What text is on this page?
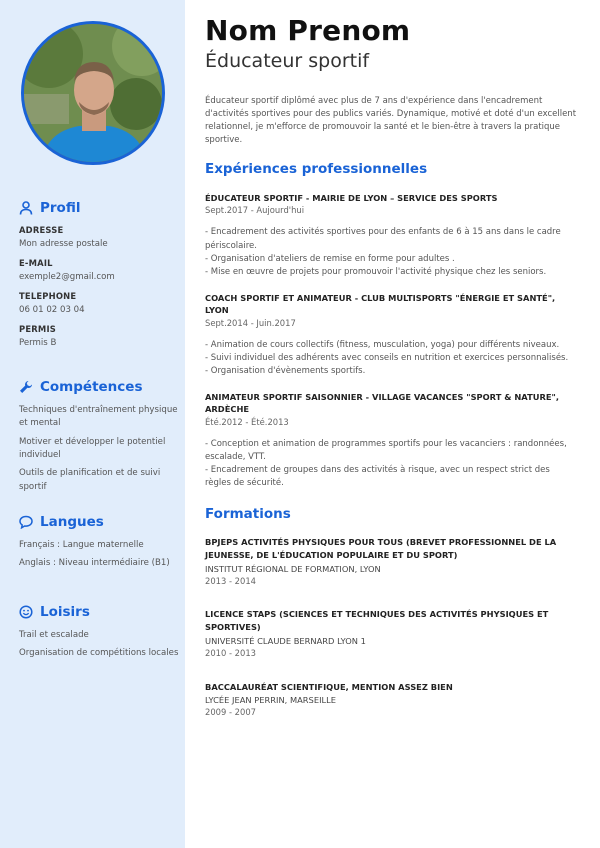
Profil
ADRESSE
Mon adresse postale
E-MAIL
exemple2@gmail.com
TELEPHONE
06 01 02 03 04
PERMIS
Permis B
Compétences
Techniques d'entraînement physique et mental
Motiver et développer le potentiel individuel
Outils de planification et de suivi sportif
Langues
Français : Langue maternelle
Anglais : Niveau intermédiaire (B1)
Loisirs
Trail et escalade
Organisation de compétitions locales
Nom Prenom
Éducateur sportif
Éducateur sportif diplômé avec plus de 7 ans d'expérience dans l'encadrement d'activités sportives pour des publics variés. Dynamique, motivé et doté d'un excellent relationnel, je m'efforce de promouvoir la santé et le bien-être à travers la pratique sportive.
Expériences professionnelles
ÉDUCATEUR SPORTIF - MAIRIE DE LYON – SERVICE DES SPORTS
Sept.2017 - Aujourd'hui
- Encadrement des activités sportives pour des enfants de 6 à 15 ans dans le cadre périscolaire.
- Organisation d'ateliers de remise en forme pour adultes .
- Mise en œuvre de projets pour promouvoir l'activité physique chez les seniors.
COACH SPORTIF ET ANIMATEUR - CLUB MULTISPORTS "ÉNERGIE ET SANTÉ", LYON
Sept.2014 - Juin.2017
- Animation de cours collectifs (fitness, musculation, yoga) pour différents niveaux.
- Suivi individuel des adhérents avec conseils en nutrition et exercices personnalisés.
- Organisation d'évènements sportifs.
ANIMATEUR SPORTIF SAISONNIER - VILLAGE VACANCES "SPORT & NATURE", ARDÈCHE
Été.2012 - Été.2013
- Conception et animation de programmes sportifs pour les vacanciers : randonnées, escalade, VTT.
- Encadrement de groupes dans des activités à risque, avec un respect strict des règles de sécurité.
Formations
BPJEPS ACTIVITÉS PHYSIQUES POUR TOUS (BREVET PROFESSIONNEL DE LA JEUNESSE, DE L'ÉDUCATION POPULAIRE ET DU SPORT)
INSTITUT RÉGIONAL DE FORMATION, LYON
2013 - 2014
LICENCE STAPS (SCIENCES ET TECHNIQUES DES ACTIVITÉS PHYSIQUES ET SPORTIVES)
UNIVERSITÉ CLAUDE BERNARD LYON 1
2010 - 2013
BACCALAURÉAT SCIENTIFIQUE, MENTION ASSEZ BIEN
LYCÉE JEAN PERRIN, MARSEILLE
2009 - 2007
